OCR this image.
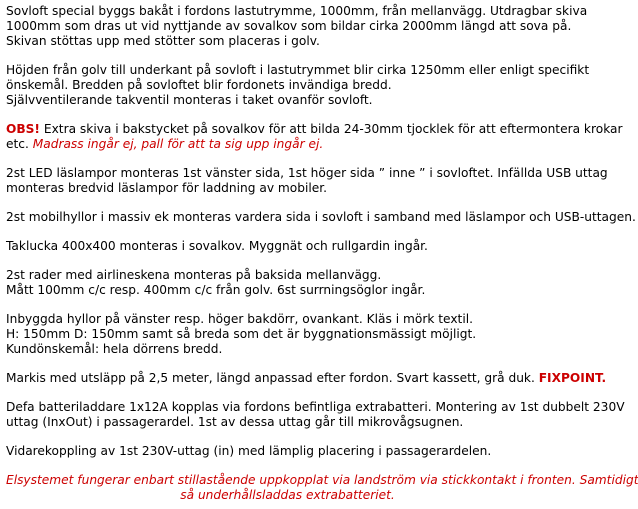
Sovloft special byggs bakåt i fordons lastutrymme, 1000mm, från mellanvägg. Utdragbar skiva
1000mm som dras ut vid nyttjande av sovalkov som bildar cirka 2000mm längd att sova på.
Skivan stöttas upp med stötter som placeras i golv.
Höjden från golv till underkant på sovloft i lastutrymmet blir cirka 1250mm eller enligt specifikt
önskemål. Bredden på sovloftet blir fordonets invändiga bredd.
Självventilerande takventil monteras i taket ovanför sovloft.
OBS! Extra skiva i bakstycket på sovalkov för att bilda 24-30mm tjocklek för att eftermontera krokar
etc. Madrass ingår ej, pall för att ta sig upp ingår ej.
2st LED läslampor monteras 1st vänster sida, 1st höger sida ” inne ” i sovloftet. Infällda USB uttag
monteras bredvid läslampor för laddning av mobiler.
2st mobilhyllor i massiv ek monteras vardera sida i sovloft i samband med läslampor och USB-uttagen.
Taklucka 400x400 monteras i sovalkov. Myggnät och rullgardin ingår.
2st rader med airlineskena monteras på baksida mellanvägg.
Mått 100mm c/c resp. 400mm c/c från golv. 6st surrningsöglor ingår.
Inbyggda hyllor på vänster resp. höger bakdörr, ovankant. Kläs i mörk textil.
H: 150mm D: 150mm samt så breda som det är byggnationsmässigt möjligt.
Kundönskemål: hela dörrens bredd.
Markis med utsläpp på 2,5 meter, längd anpassad efter fordon. Svart kassett, grå duk. FIXPOINT.
Defa batteriladdare 1x12A kopplas via fordons befintliga extrabatteri. Montering av 1st dubbelt 230V
uttag (InxOut) i passagerardel. 1st av dessa uttag går till mikrovågsugnen.
Vidarekoppling av 1st 230V-uttag (in) med lämplig placering i passagerardelen.
Elsystemet fungerar enbart stillastående uppkopplat via landström via stickkontakt i fronten. Samtidigt
så underhållsladdas extrabatteriet.
